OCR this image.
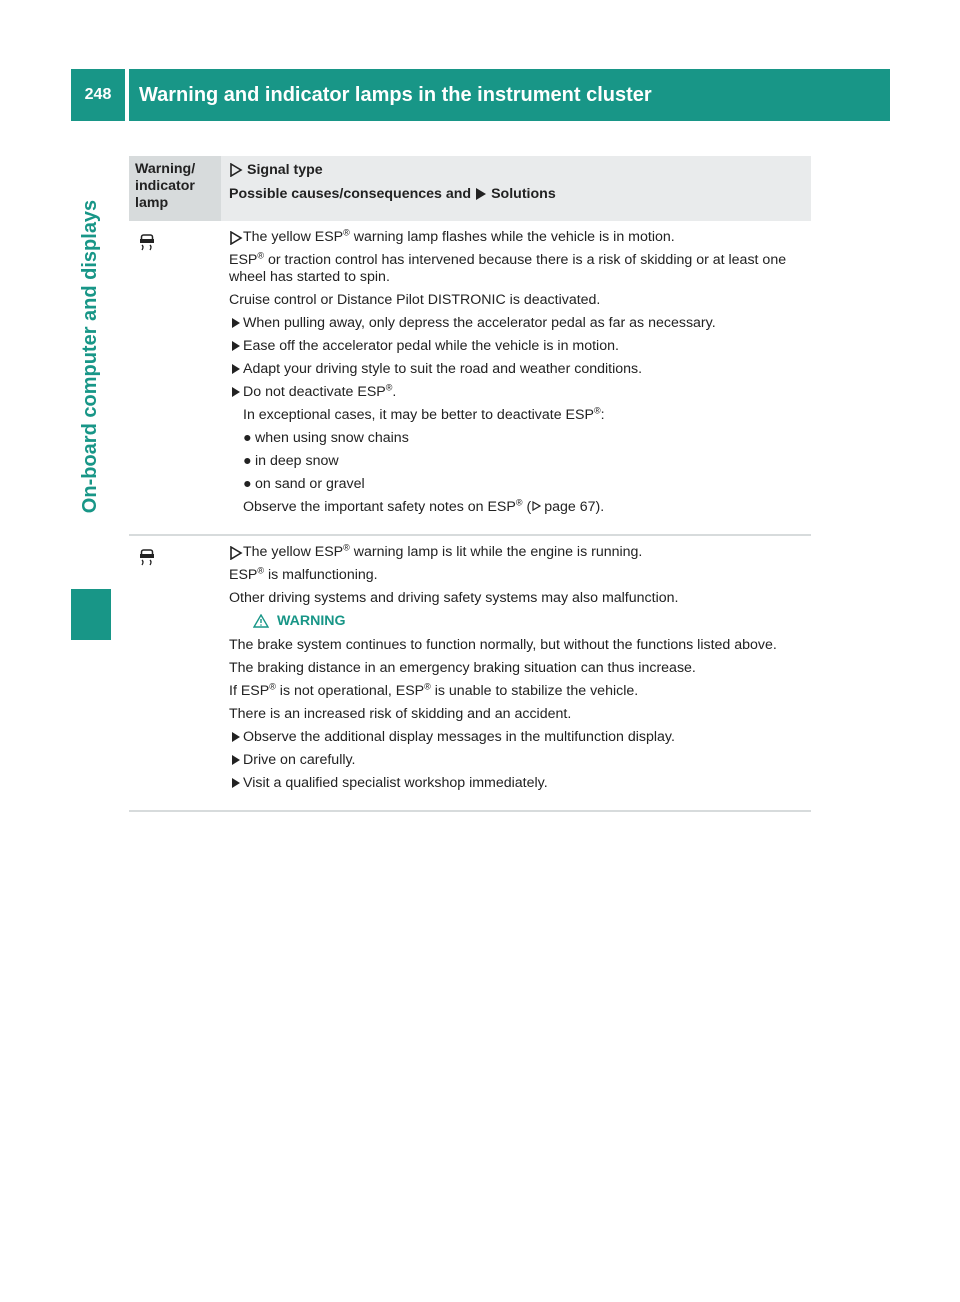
248	Warning and indicator lamps in the instrument cluster
On-board computer and displays
Warning/
indicator
lamp
Signal type
Possible causes/consequences and Solutions
The yellow ESP® warning lamp flashes while the vehicle is in motion.
ESP® or traction control has intervened because there is a risk of skidding or at least one wheel has started to spin.
Cruise control or Distance Pilot DISTRONIC is deactivated.
When pulling away, only depress the accelerator pedal as far as necessary.
Ease off the accelerator pedal while the vehicle is in motion.
Adapt your driving style to suit the road and weather conditions.
Do not deactivate ESP®.
In exceptional cases, it may be better to deactivate ESP®:
● when using snow chains
● in deep snow
● on sand or gravel
Observe the important safety notes on ESP® ( page 67).
The yellow ESP® warning lamp is lit while the engine is running.
ESP® is malfunctioning.
Other driving systems and driving safety systems may also malfunction.
WARNING
The brake system continues to function normally, but without the functions listed above.
The braking distance in an emergency braking situation can thus increase.
If ESP® is not operational, ESP® is unable to stabilize the vehicle.
There is an increased risk of skidding and an accident.
Observe the additional display messages in the multifunction display.
Drive on carefully.
Visit a qualified specialist workshop immediately.
